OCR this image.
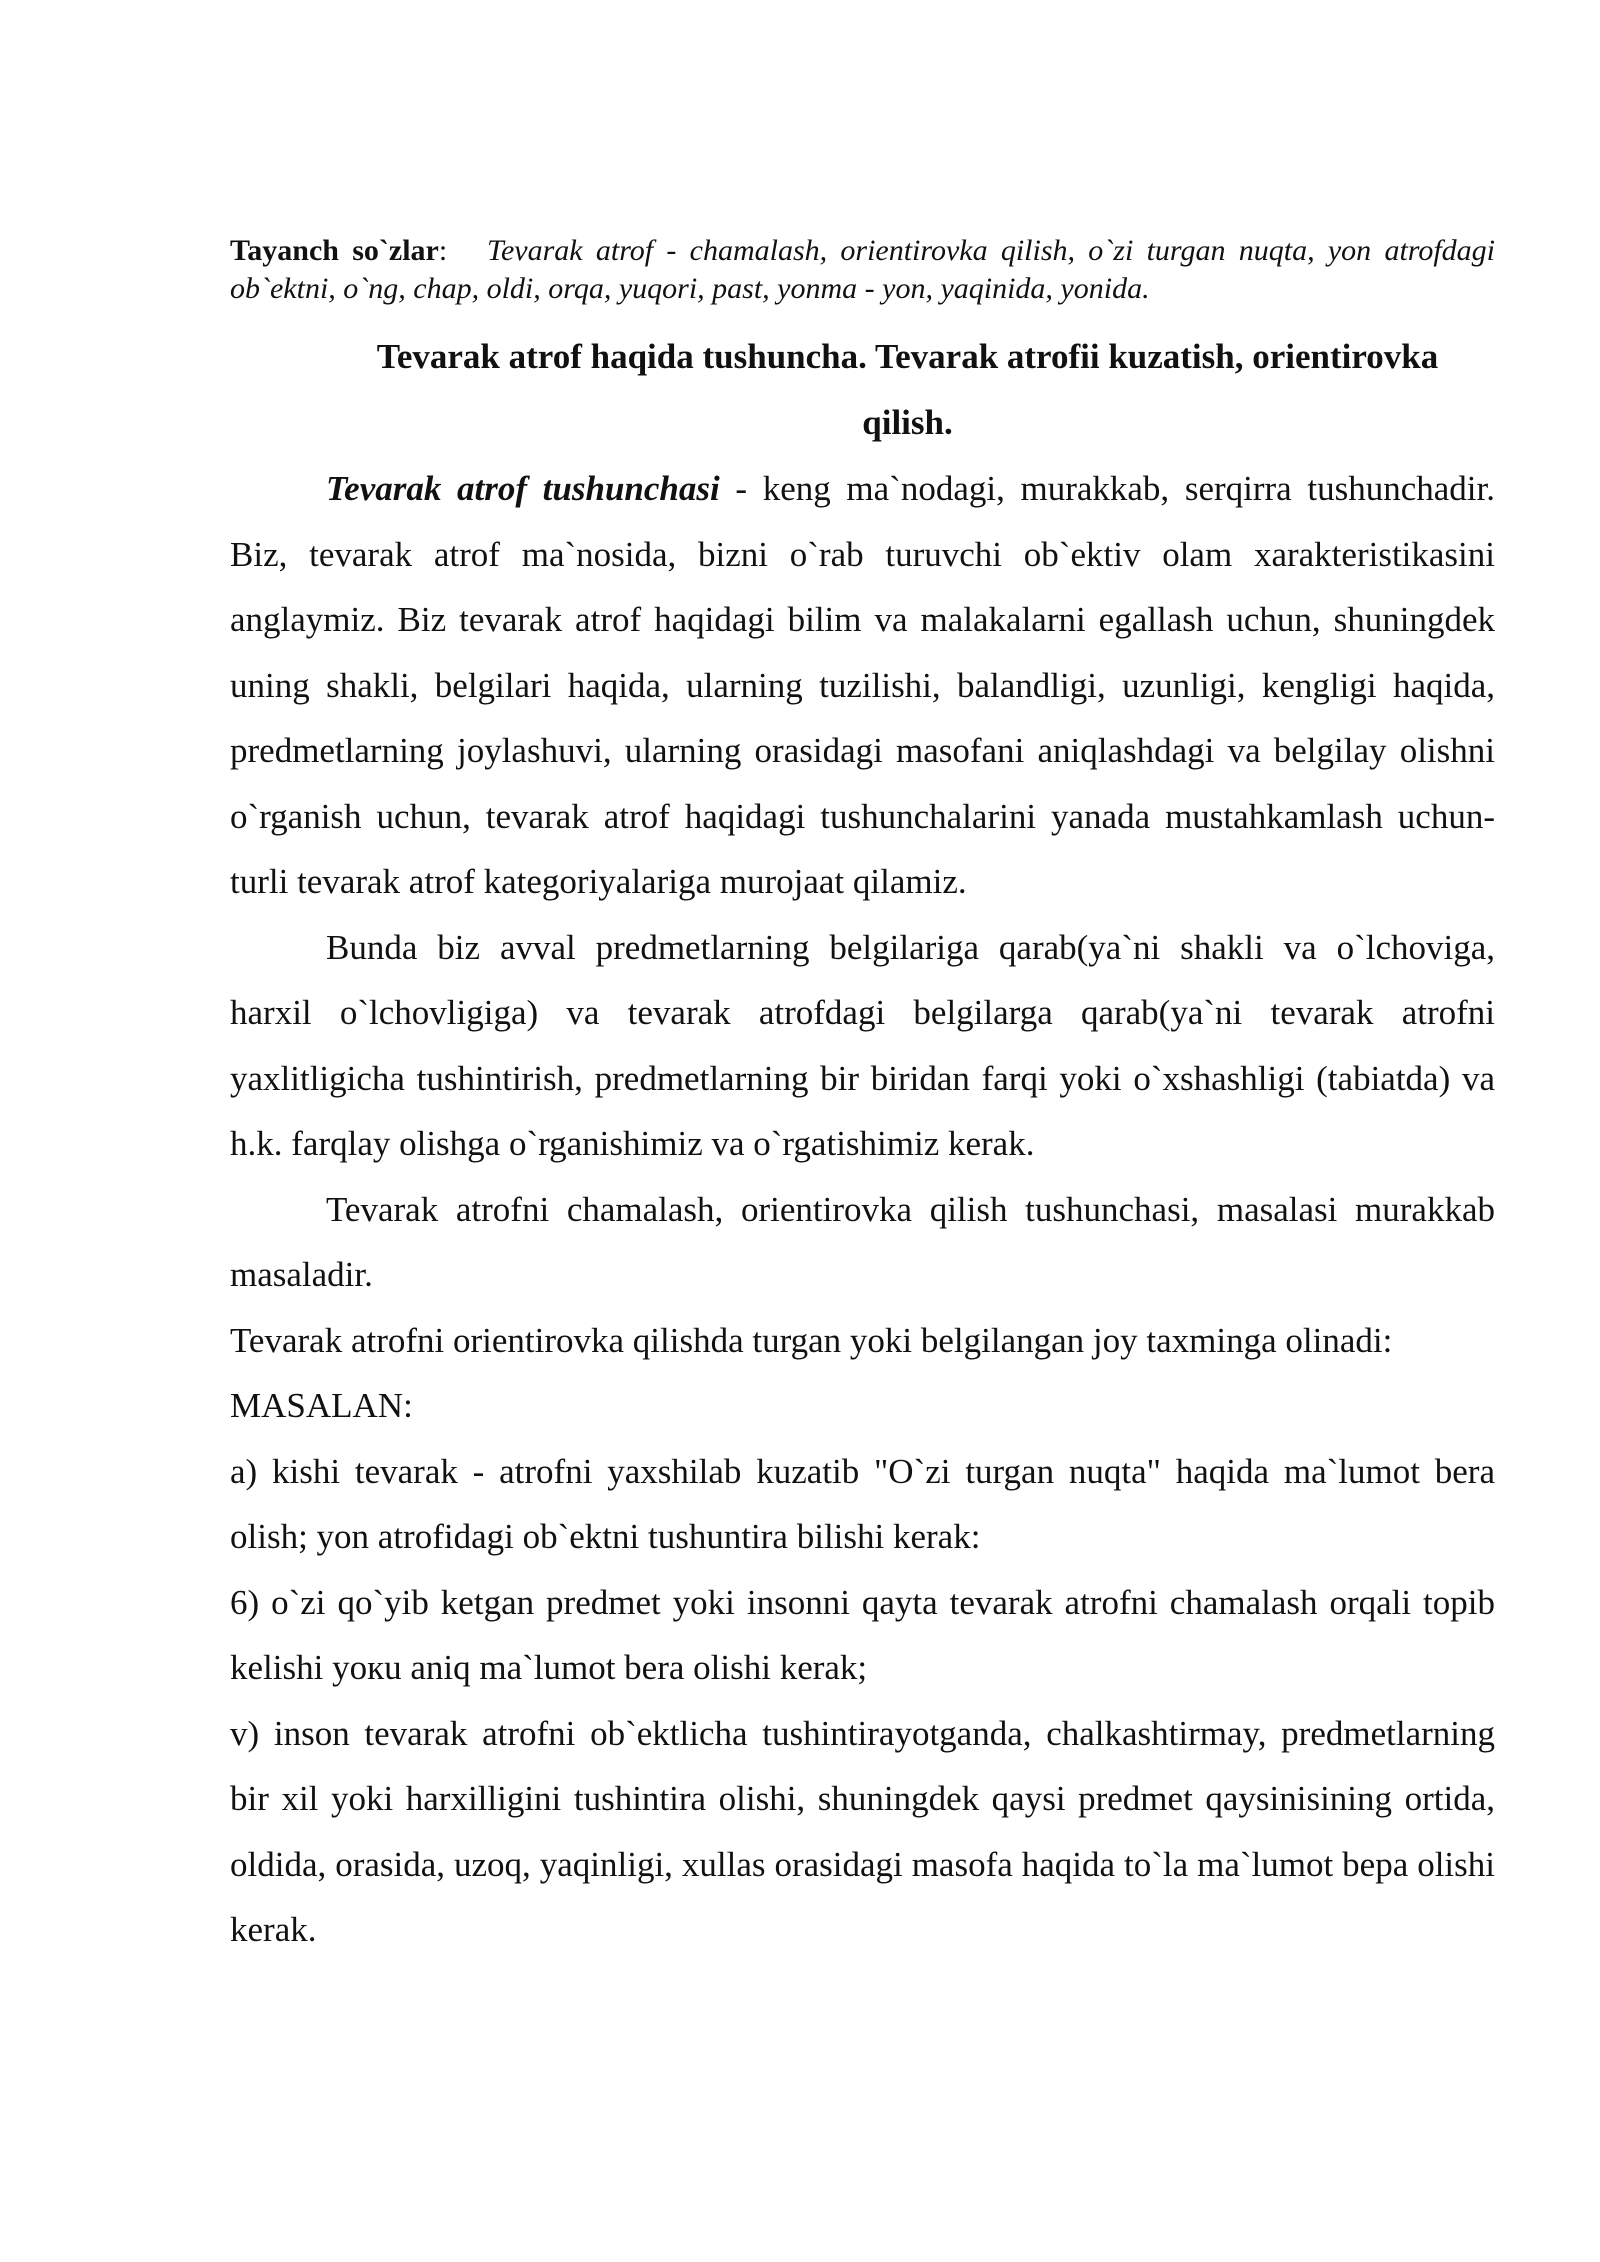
Tayanch so`zlar: Tevarak atrof - chamalash, orientirovka qilish, o`zi turgan nuqta, yon atrofdagi ob`ektni, o`ng, chap, oldi, orqa, yuqori, past, yonma - yon, yaqinida, yonida.

Tevarak atrof haqida tushuncha. Tevarak atrofii kuzatish, orientirovka qilish.

Tevarak atrof tushunchasi - keng ma`nodagi, murakkab, serqirra tushunchadir. Biz, tevarak atrof ma`nosida, bizni o`rab turuvchi ob`ektiv olam xarakteristikasini anglaymiz. Biz tevarak atrof haqidagi bilim va malakalarni egallash uchun, shuningdek uning shakli, belgilari haqida, ularning tuzilishi, balandligi, uzunligi, kengligi haqida, predmetlarning joylashuvi, ularning orasidagi masofani aniqlashdagi va belgilay olishni o`rganish uchun, tevarak atrof haqidagi tushunchalarini yanada mustahkamlash uchun- turli tevarak atrof kategoriyalariga murojaat qilamiz.

Bunda biz avval predmetlarning belgilariga qarab(ya`ni shakli va o`lchoviga, harxil o`lchovligiga) va tevarak atrofdagi belgilarga qarab(ya`ni tevarak atrofni yaxlitligicha tushintirish, predmetlarning bir biridan farqi yoki o`xshashligi (tabiatda) va h.k. farqlay olishga o`rganishimiz va o`rgatishimiz kerak.

Tevarak atrofni chamalash, orientirovka qilish tushunchasi, masalasi murakkab masaladir.

Tevarak atrofni orientirovka qilishda turgan yoki belgilangan joy taxminga olinadi:

MASALAN:

a) kishi tevarak - atrofni yaxshilab kuzatib "O`zi turgan nuqta" haqida ma`lumot bera olish; yon atrofidagi ob`ektni tushuntira bilishi kerak:

6) o`zi qo`yib ketgan predmet yoki insonni qayta tevarak atrofni chamalash orqali topib kelishi yокu aniq ma`lumot bera olishi kerak;

v) inson tevarak atrofni ob`ektlicha tushintirayotganda, chalkashtirmay, predmetlarning bir xil yoki harxilligini tushintira olishi, shuningdek qaysi predmet qaysinisining ortida, oldida, orasida, uzoq, yaqinligi, xullas orasidagi masofa haqida to`la ma`lumot bepa olishi kerak.
